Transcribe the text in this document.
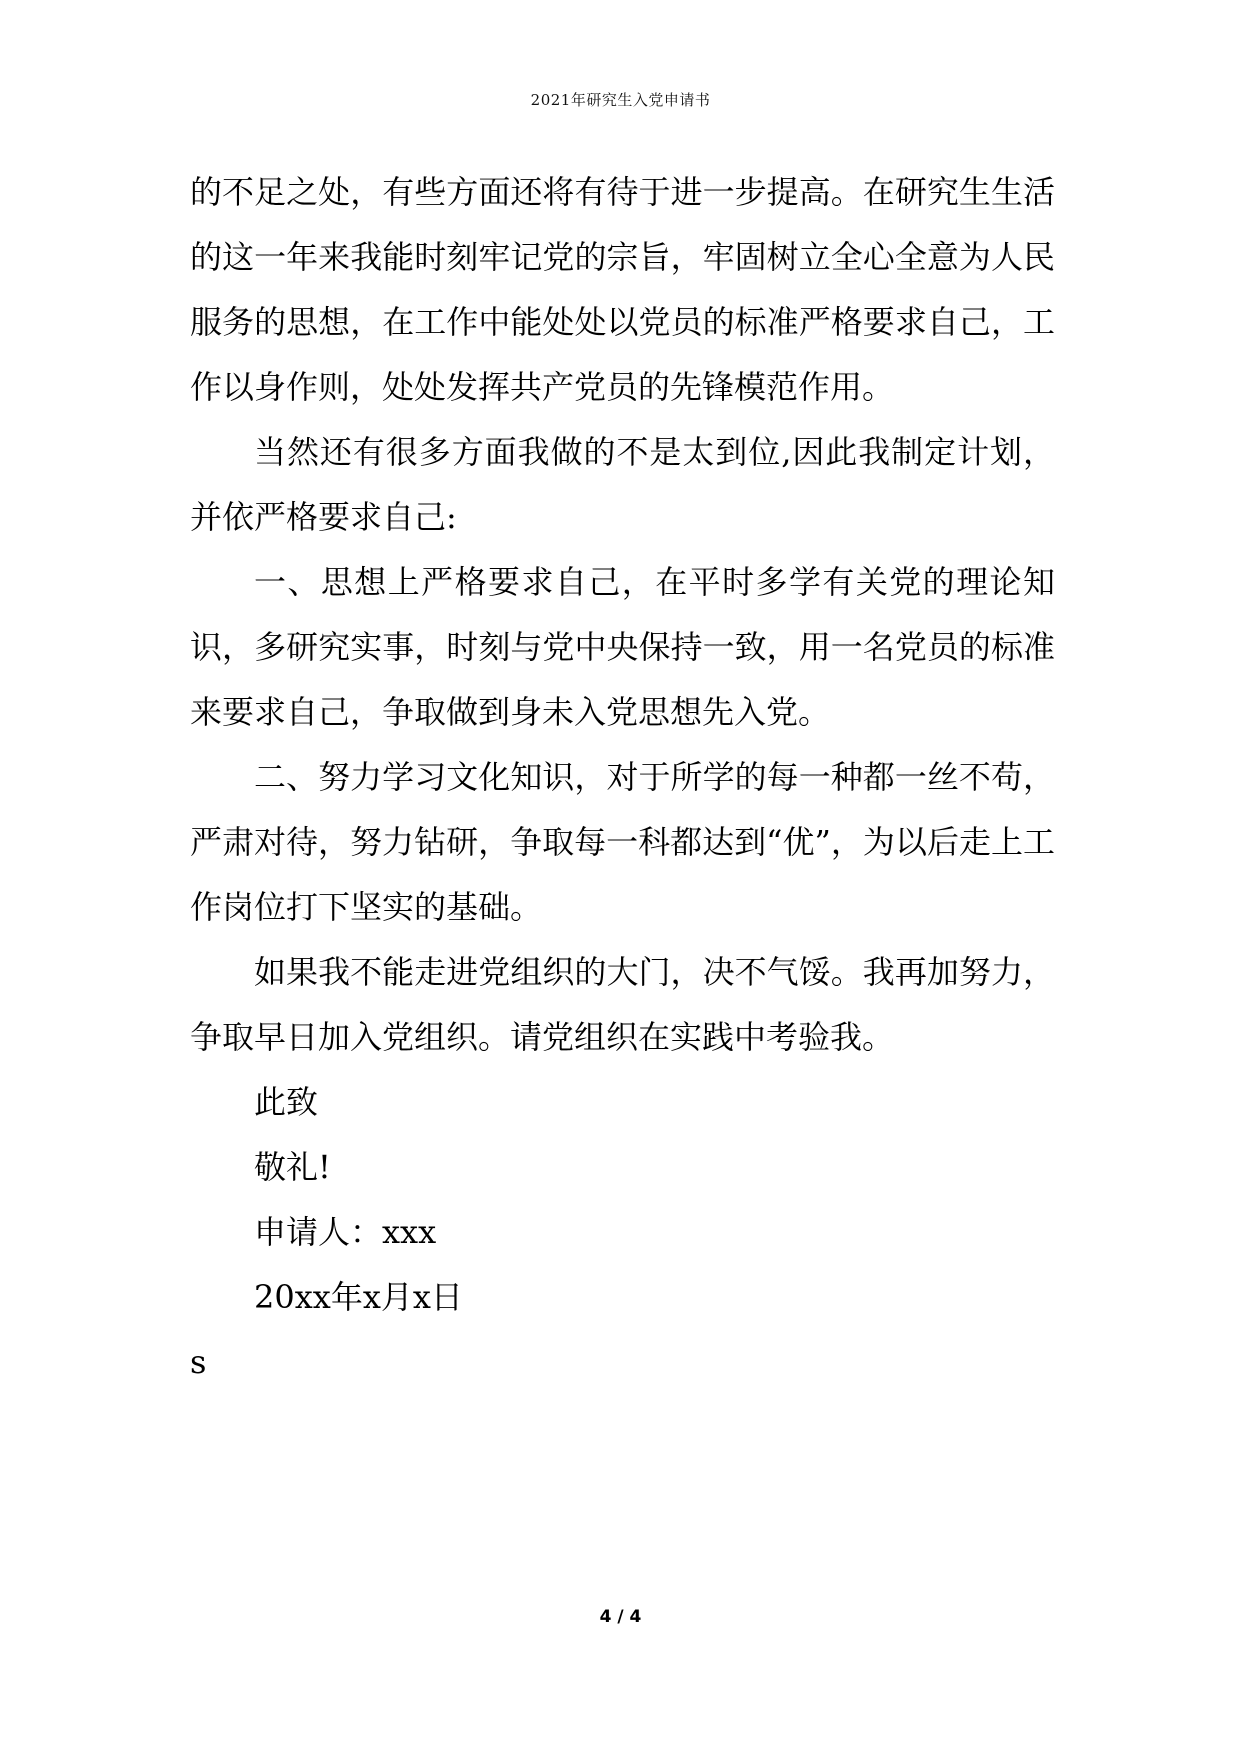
2021年研究生入党申请书

的不足之处，有些方面还将有待于进一步提高。在研究生生活的这一年来我能时刻牢记党的宗旨，牢固树立全心全意为人民服务的思想，在工作中能处处以党员的标准严格要求自己，工作以身作则，处处发挥共产党员的先锋模范作用。

当然还有很多方面我做的不是太到位,因此我制定计划，并依严格要求自己:

一、思想上严格要求自己，在平时多学有关党的理论知识，多研究实事，时刻与党中央保持一致，用一名党员的标准来要求自己，争取做到身未入党思想先入党。

二、努力学习文化知识，对于所学的每一种都一丝不苟，严肃对待，努力钻研，争取每一科都达到“优”，为以后走上工作岗位打下坚实的基础。

如果我不能走进党组织的大门，决不气馁。我再加努力，争取早日加入党组织。请党组织在实践中考验我。

此致

敬礼!

申请人：xxx

20xx年x月x日

s

4 / 4
